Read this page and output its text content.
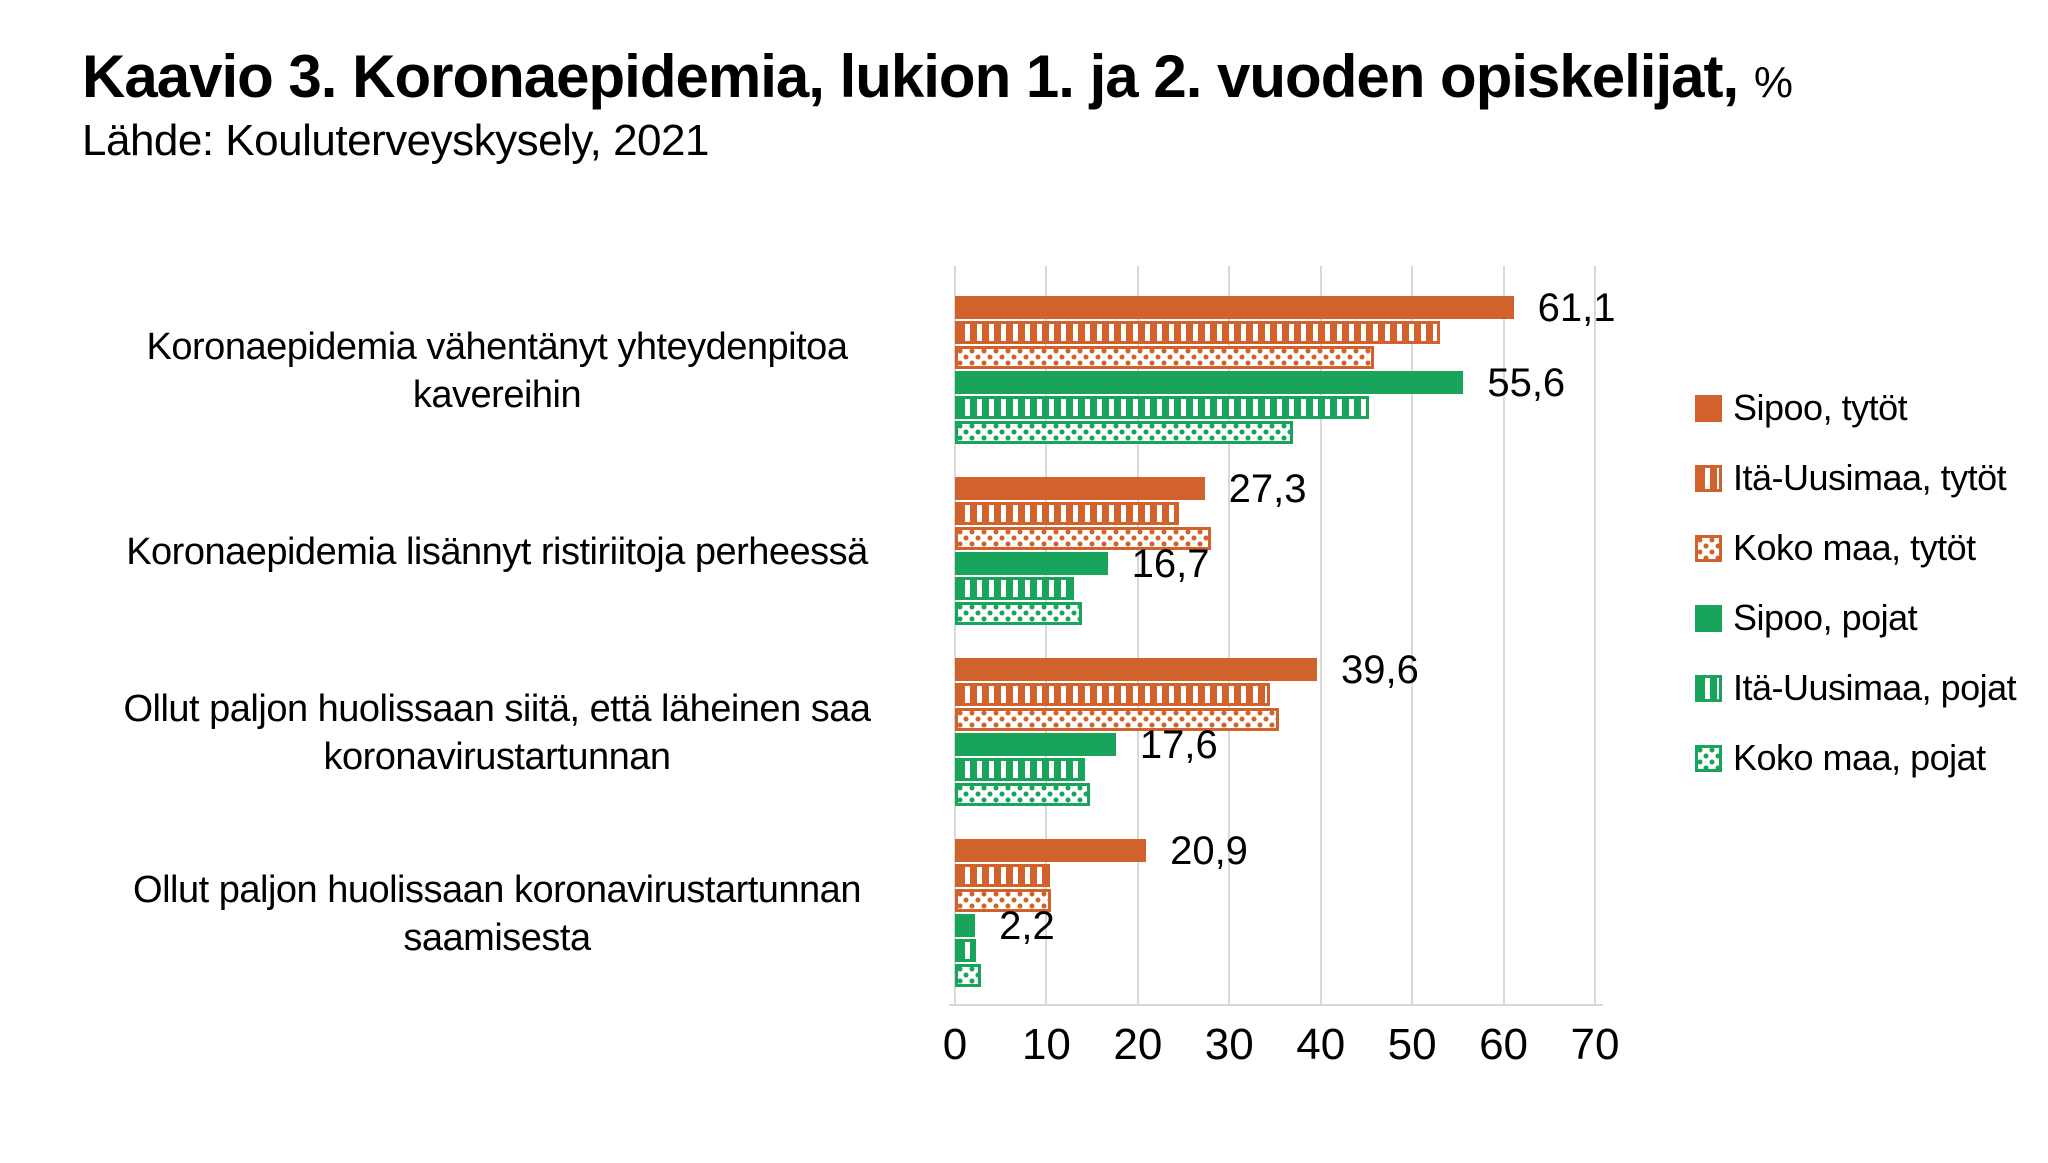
Kaavio 3. Koronaepidemia, lukion 1. ja 2. vuoden opiskelijat, %
Lähde: Kouluterveyskysely, 2021
0	10 20 30 40 50 60 70
Koronaepidemia vähentänyt yhteydenpitoa kavereihin
61,1
55,6
Koronaepidemia lisännyt ristiriitoja perheessä
27,3
16,7
Ollut paljon huolissaan siitä, että läheinen saa koronavirustartunnan
39,6
17,6
Ollut paljon huolissaan koronavirustartunnan saamisesta
20,9
2,2
Sipoo, tytöt
Itä-Uusimaa, tytöt
Koko maa, tytöt
Sipoo, pojat
Itä-Uusimaa, pojat
Koko maa, pojat
